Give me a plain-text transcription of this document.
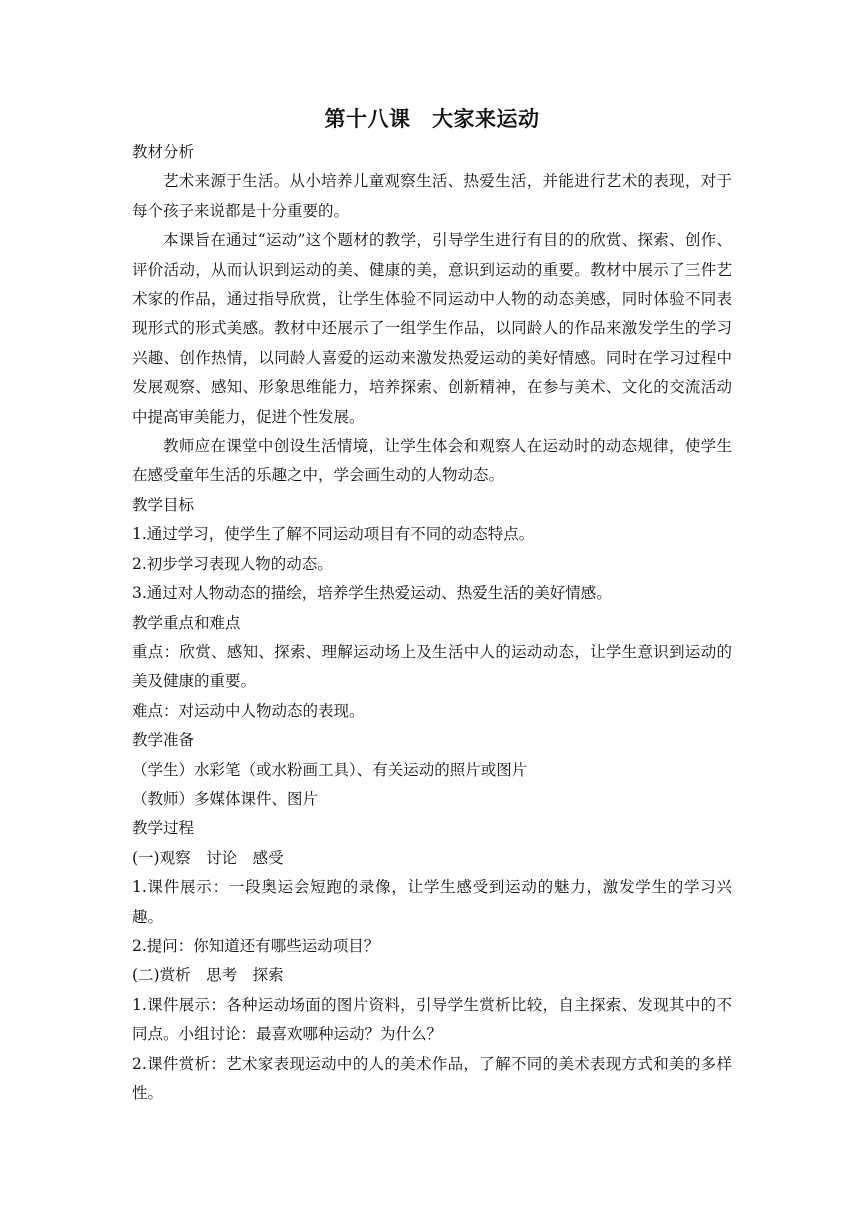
第十八课　大家来运动
教材分析

艺术来源于生活。从小培养儿童观察生活、热爱生活，并能进行艺术的表现，对于每个孩子来说都是十分重要的。

本课旨在通过“运动”这个题材的教学，引导学生进行有目的的欣赏、探索、创作、评价活动，从而认识到运动的美、健康的美，意识到运动的重要。教材中展示了三件艺术家的作品，通过指导欣赏，让学生体验不同运动中人物的动态美感，同时体验不同表现形式的形式美感。教材中还展示了一组学生作品，以同龄人的作品来激发学生的学习兴趣、创作热情，以同龄人喜爱的运动来激发热爱运动的美好情感。同时在学习过程中发展观察、感知、形象思维能力，培养探索、创新精神，在参与美术、文化的交流活动中提高审美能力，促进个性发展。

教师应在课堂中创设生活情境，让学生体会和观察人在运动时的动态规律，使学生在感受童年生活的乐趣之中，学会画生动的人物动态。

教学目标
1.通过学习，使学生了解不同运动项目有不同的动态特点。
2.初步学习表现人物的动态。
3.通过对人物动态的描绘，培养学生热爱运动、热爱生活的美好情感。
教学重点和难点

重点：欣赏、感知、探索、理解运动场上及生活中人的运动动态，让学生意识到运动的美及健康的重要。

难点：对运动中人物动态的表现。
教学准备
（学生）水彩笔（或水粉画工具）、有关运动的照片或图片
（教师）多媒体课件、图片
教学过程
(一)观察　讨论　感受

1.课件展示：一段奥运会短跑的录像，让学生感受到运动的魅力，激发学生的学习兴趣。

2.提问：你知道还有哪些运动项目？
(二)赏析　思考　探索

1.课件展示：各种运动场面的图片资料，引导学生赏析比较，自主探索、发现其中的不同点。小组讨论：最喜欢哪种运动？为什么？

2.课件赏析：艺术家表现运动中的人的美术作品，了解不同的美术表现方式和美的多样性。
